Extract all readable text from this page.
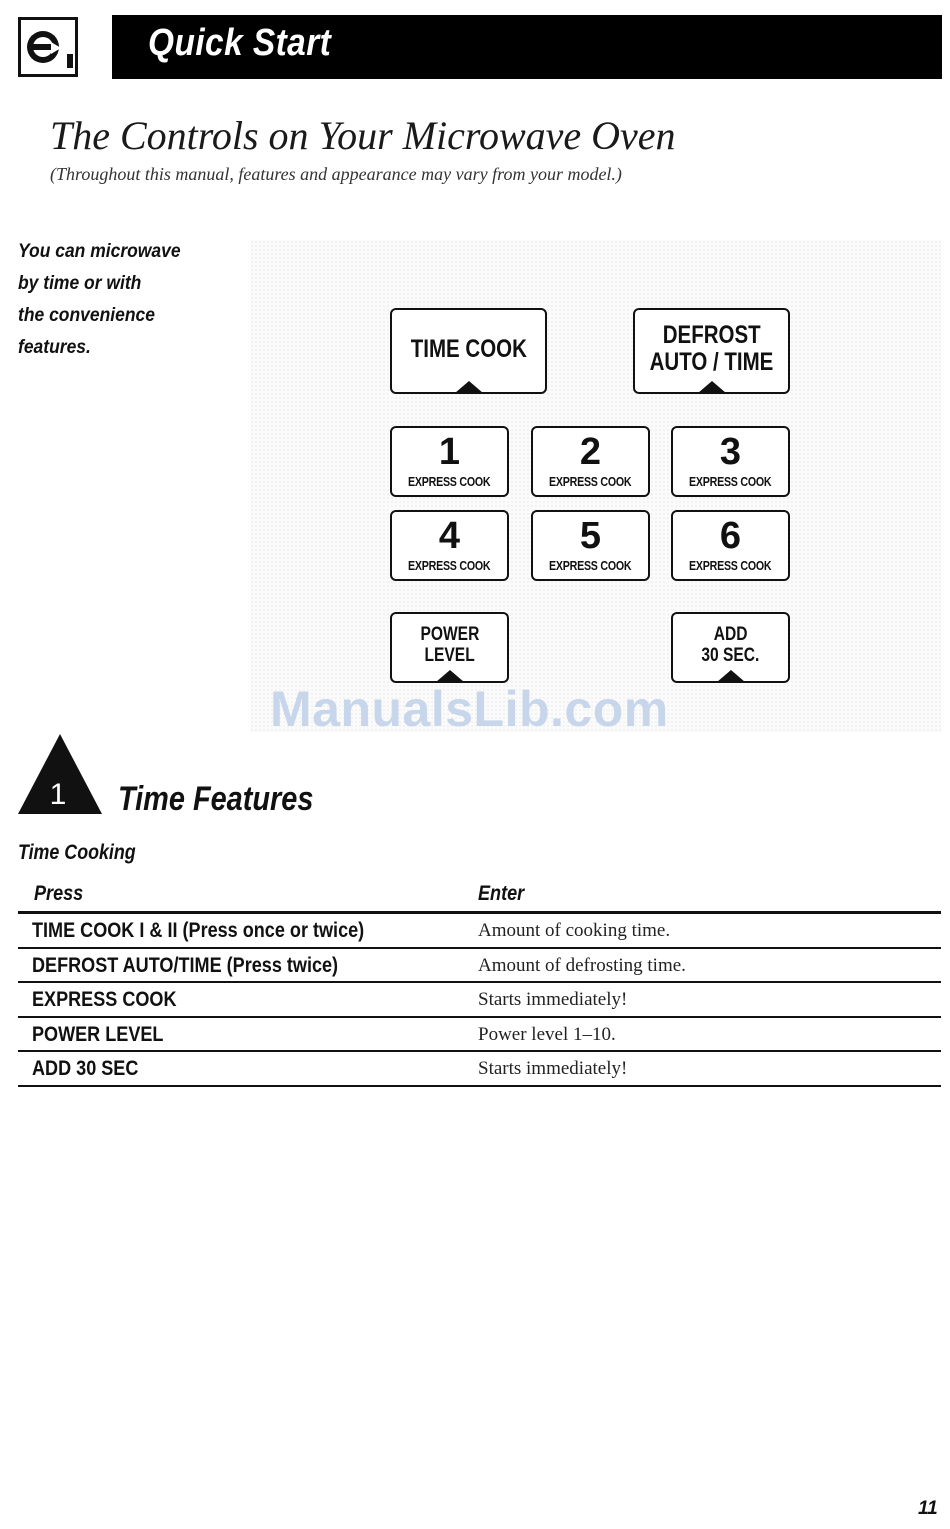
Quick Start
The Controls on Your Microwave Oven
(Throughout this manual, features and appearance may vary from your model.)
You can microwave
by time or with
the convenience
features.	TIME COOK	DEFROST
AUTO / TIME
1
EXPRESS COOK
2
EXPRESS COOK
3
EXPRESS COOK
4
EXPRESS COOK
5
EXPRESS COOK
6
EXPRESS COOK
POWER
LEVEL
ADD
30 SEC.
ManualsLib.com
1 Time Features
Time Cooking
Press	Enter
TIME COOK I & II (Press once or twice)	Amount of cooking time.
DEFROST AUTO/TIME (Press twice)	Amount of defrosting time.
EXPRESS COOK	Starts immediately!
POWER LEVEL	Power level 1–10.
ADD 30 SEC	Starts immediately!
11
